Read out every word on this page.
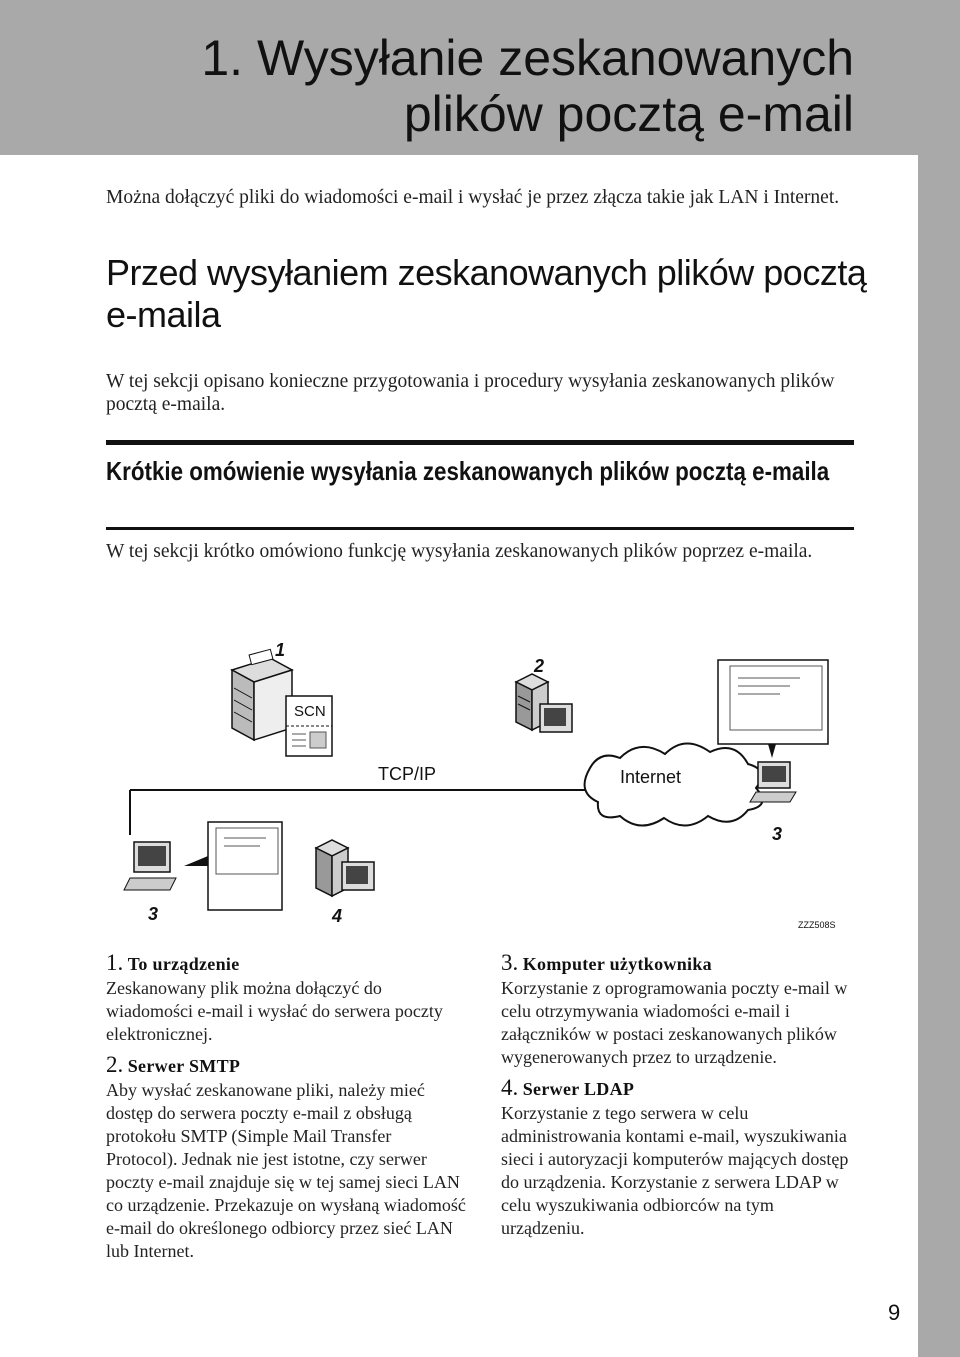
1. Wysyłanie zeskanowanych
plików pocztą e-mail
Można dołączyć pliki do wiadomości e-mail i wysłać je przez złącza takie jak LAN i Internet.
Przed wysyłaniem zeskanowanych plików pocztą e-maila
W tej sekcji opisano konieczne przygotowania i procedury wysyłania zeskanowanych plików pocztą e-maila.
Krótkie omówienie wysyłania zeskanowanych plików pocztą e-maila
W tej sekcji krótko omówiono funkcję wysyłania zeskanowanych plików poprzez e-maila.
TCP/IP
1
SCN
2
Internet
3
3	4	ZZZ508S
1. To urządzenie
Zeskanowany plik można dołączyć do wiadomości e-mail i wysłać do serwera poczty elektronicznej.
2. Serwer SMTP
Aby wysłać zeskanowane pliki, należy mieć dostęp do serwera poczty e-mail z obsługą protokołu SMTP (Simple Mail Transfer Protocol). Jednak nie jest istotne, czy serwer poczty e-mail znajduje się w tej samej sieci LAN co urządzenie. Przekazuje on wysłaną wiadomość e-mail do określonego odbiorcy przez sieć LAN lub Internet.
3. Komputer użytkownika
Korzystanie z oprogramowania poczty e-mail w celu otrzymywania wiadomości e-mail i załączników w postaci zeskanowanych plików wygenerowanych przez to urządzenie.
4. Serwer LDAP
Korzystanie z tego serwera w celu administrowania kontami e-mail, wyszukiwania sieci i autoryzacji komputerów mających dostęp do urządzenia. Korzystanie z serwera LDAP w celu wyszukiwania odbiorców na tym urządzeniu.
9
